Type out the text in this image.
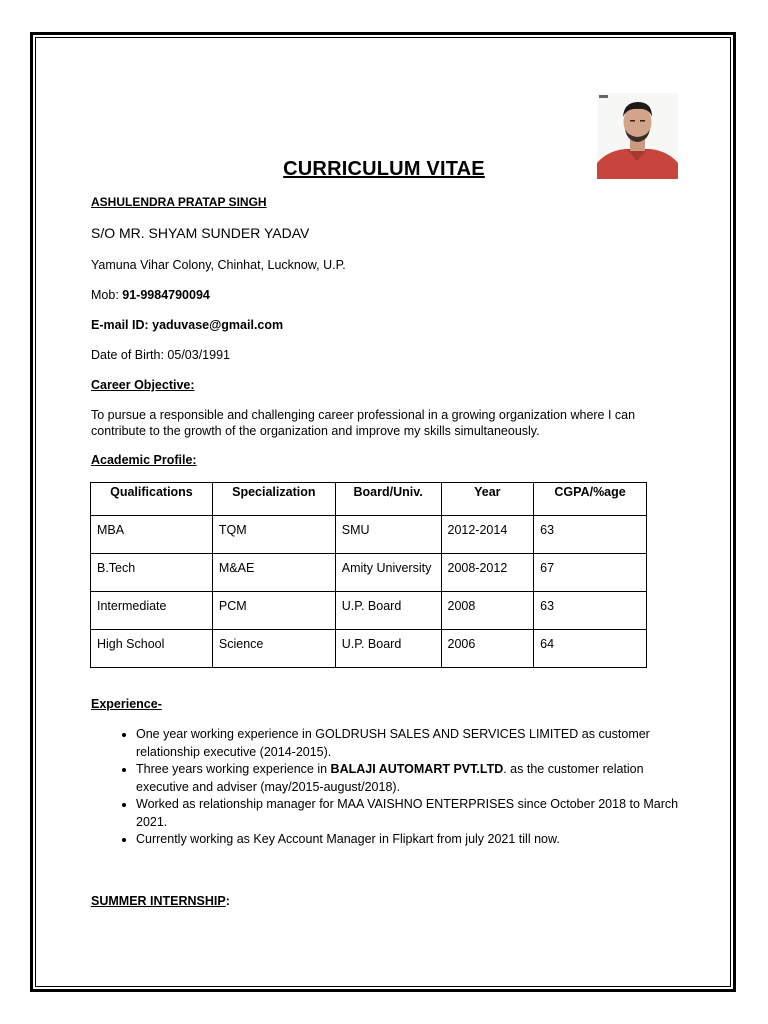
CURRICULUM VITAE
ASHULENDRA PRATAP SINGH
S/O MR. SHYAM SUNDER YADAV
Yamuna Vihar Colony, Chinhat, Lucknow, U.P.
Mob: 91-9984790094
E-mail ID: yaduvase@gmail.com
Date of Birth: 05/03/1991
Career Objective:
To pursue a responsible and challenging career professional in a growing organization where I can contribute to the growth of the organization and improve my skills simultaneously.
Academic Profile:
Qualifications	Specialization	Board/Univ.	Year	CGPA/%age
MBA	TQM	SMU	2012-2014	63
B.Tech	M&AE	Amity University	2008-2012	67
Intermediate	PCM	U.P. Board	2008	63
High School	Science	U.P. Board	2006	64
Experience-
• One year working experience in GOLDRUSH SALES AND SERVICES LIMITED as customer relationship executive (2014-2015).
• Three years working experience in BALAJI AUTOMART PVT.LTD. as the customer relation executive and adviser (may/2015-august/2018).
• Worked as relationship manager for MAA VAISHNO ENTERPRISES since October 2018 to March 2021.
• Currently working as Key Account Manager in Flipkart from july 2021 till now.
SUMMER INTERNSHIP:
